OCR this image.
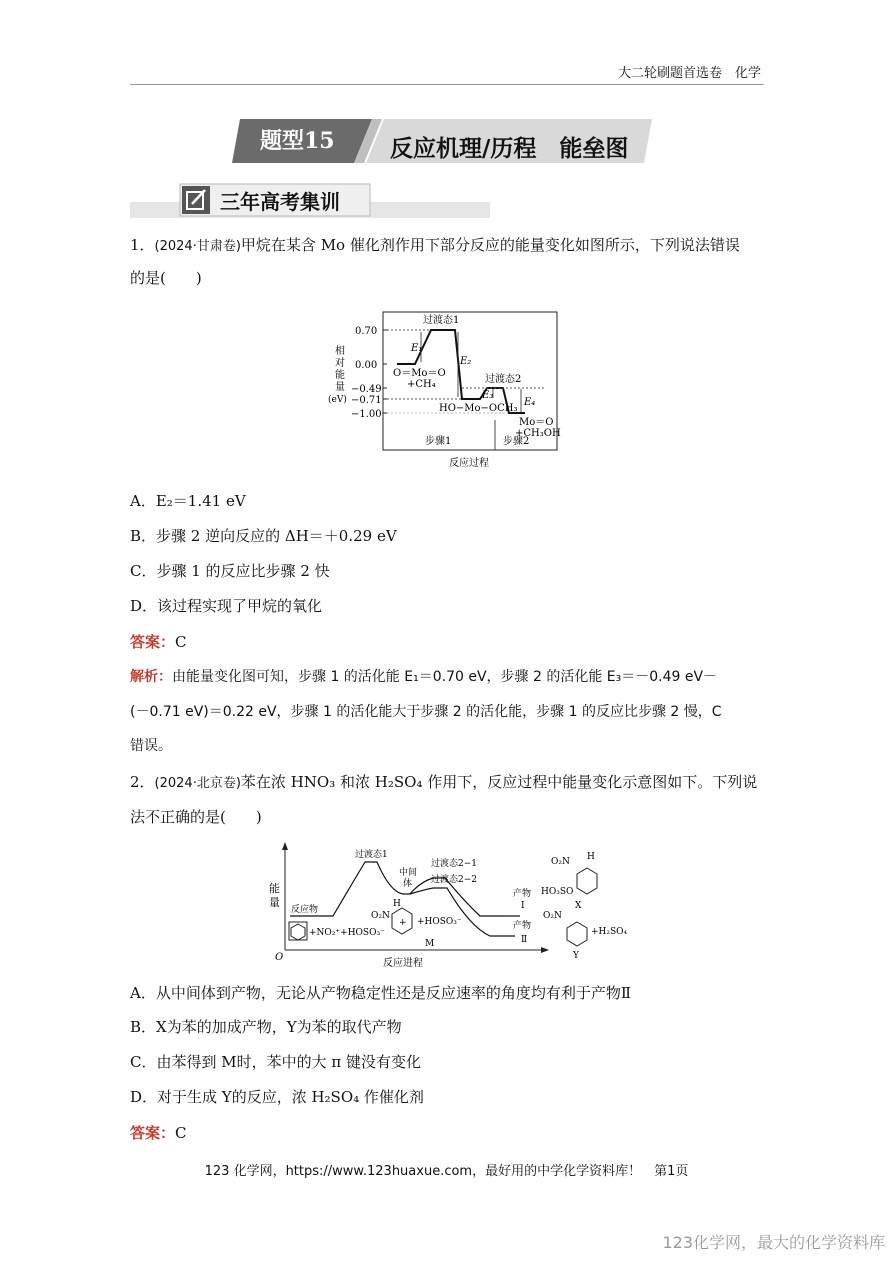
大二轮刷题首选卷　化学
题型15 反应机理/历程　能垒图
三年高考集训
1．(2024·甘肃卷)甲烷在某含 Mo 催化剂作用下部分反应的能量变化如图所示，下列说法错误
的是(　　)
相
对
能
量
(eV)
0.70
0.00
−0.49
−0.71
−1.00
过渡态1
过渡态2
E₁
E₂
E₃
E₄
O＝Mo＝O
+CH₄
HO−Mo−OCH₃
Mo＝O
+CH₃OH
步骤1	步骤2
反应过程
A．E₂＝1.41 eV
B．步骤 2 逆向反应的 ΔH＝＋0.29 eV
C．步骤 1 的反应比步骤 2 快
D．该过程实现了甲烷的氧化
答案：C
解析：由能量变化图可知，步骤 1 的活化能 E₁＝0.70 eV，步骤 2 的活化能 E₃＝－0.49 eV－
(－0.71 eV)＝0.22 eV，步骤 1 的活化能大于步骤 2 的活化能，步骤 1 的反应比步骤 2 慢，C
错误。
2．(2024·北京卷)苯在浓 HNO₃ 和浓 H₂SO₄ 作用下，反应过程中能量变化示意图如下。下列说
法不正确的是(　　)
能
量
O
过渡态1
中间
体
过渡态2−1
过渡态2−2
反应物
+NO₂⁺+HOSO₃⁻
+
O₂N
H
+HOSO₃⁻
M
产物
Ⅰ
产物
Ⅱ
O₂N H
HO₃SO
X
O₂N
+H₂SO₄
Y
反应进程
A．从中间体到产物，无论从产物稳定性还是反应速率的角度均有利于产物Ⅱ
B．X为苯的加成产物，Y为苯的取代产物
C．由苯得到 M时，苯中的大 π 键没有变化
D．对于生成 Y的反应，浓 H₂SO₄ 作催化剂
答案：C
123 化学网，https://www.123huaxue.com，最好用的中学化学资料库！　第1页
123化学网，最大的化学资料库
